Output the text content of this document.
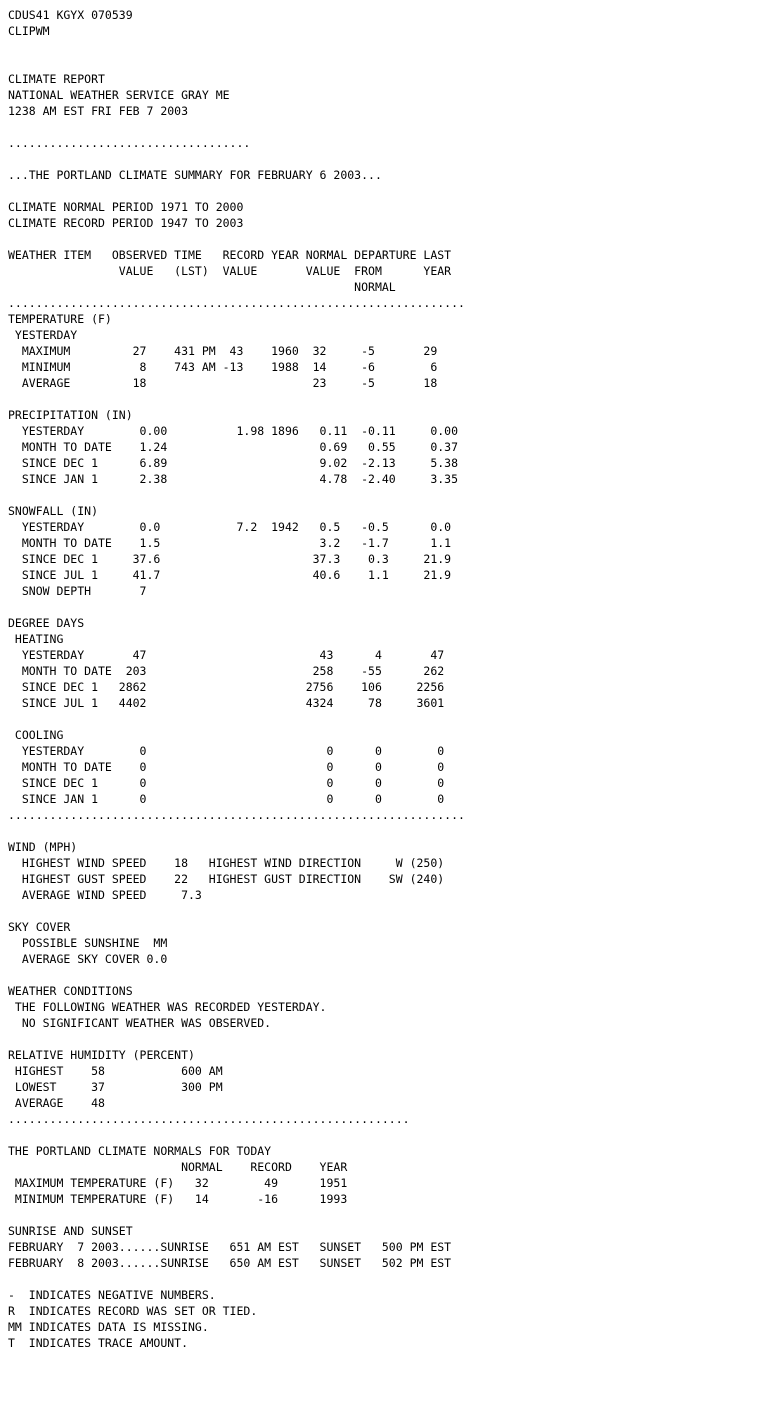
CDUS41 KGYX 070539
CLIPWM
CLIMATE REPORT
NATIONAL WEATHER SERVICE GRAY ME
1238 AM EST FRI FEB 7 2003
...................................
...THE PORTLAND CLIMATE SUMMARY FOR FEBRUARY 6 2003...
CLIMATE NORMAL PERIOD 1971 TO 2000
CLIMATE RECORD PERIOD 1947 TO 2003
WEATHER ITEM   OBSERVED TIME   RECORD YEAR NORMAL DEPARTURE LAST
VALUE   (LST)  VALUE       VALUE  FROM      YEAR
NORMAL
..................................................................
TEMPERATURE (F)
YESTERDAY
MAXIMUM         27    431 PM  43    1960  32     -5       29
MINIMUM          8    743 AM -13    1988  14     -6        6
AVERAGE         18                        23     -5       18
PRECIPITATION (IN)
YESTERDAY        0.00          1.98 1896   0.11  -0.11     0.00
MONTH TO DATE    1.24                      0.69   0.55     0.37
SINCE DEC 1      6.89                      9.02  -2.13     5.38
SINCE JAN 1      2.38                      4.78  -2.40     3.35
SNOWFALL (IN)
YESTERDAY        0.0           7.2  1942   0.5   -0.5      0.0
MONTH TO DATE    1.5                       3.2   -1.7      1.1
SINCE DEC 1     37.6                      37.3    0.3     21.9
SINCE JUL 1     41.7                      40.6    1.1     21.9
SNOW DEPTH       7
DEGREE DAYS
HEATING
YESTERDAY       47                         43      4       47
MONTH TO DATE  203                        258    -55      262
SINCE DEC 1   2862                       2756    106     2256
SINCE JUL 1   4402                       4324     78     3601
COOLING
YESTERDAY        0                          0      0        0
MONTH TO DATE    0                          0      0        0
SINCE DEC 1      0                          0      0        0
SINCE JAN 1      0                          0      0        0
..................................................................
WIND (MPH)
HIGHEST WIND SPEED    18   HIGHEST WIND DIRECTION     W (250)
HIGHEST GUST SPEED    22   HIGHEST GUST DIRECTION    SW (240)
AVERAGE WIND SPEED     7.3
SKY COVER
POSSIBLE SUNSHINE  MM
AVERAGE SKY COVER 0.0
WEATHER CONDITIONS
THE FOLLOWING WEATHER WAS RECORDED YESTERDAY.
NO SIGNIFICANT WEATHER WAS OBSERVED.
RELATIVE HUMIDITY (PERCENT)
HIGHEST    58           600 AM
LOWEST     37           300 PM
AVERAGE    48
..........................................................
THE PORTLAND CLIMATE NORMALS FOR TODAY
NORMAL    RECORD    YEAR
MAXIMUM TEMPERATURE (F)   32        49      1951
MINIMUM TEMPERATURE (F)   14       -16      1993
SUNRISE AND SUNSET
FEBRUARY  7 2003......SUNRISE   651 AM EST   SUNSET   500 PM EST
FEBRUARY  8 2003......SUNRISE   650 AM EST   SUNSET   502 PM EST
-  INDICATES NEGATIVE NUMBERS.
R  INDICATES RECORD WAS SET OR TIED.
MM INDICATES DATA IS MISSING.
T  INDICATES TRACE AMOUNT.
